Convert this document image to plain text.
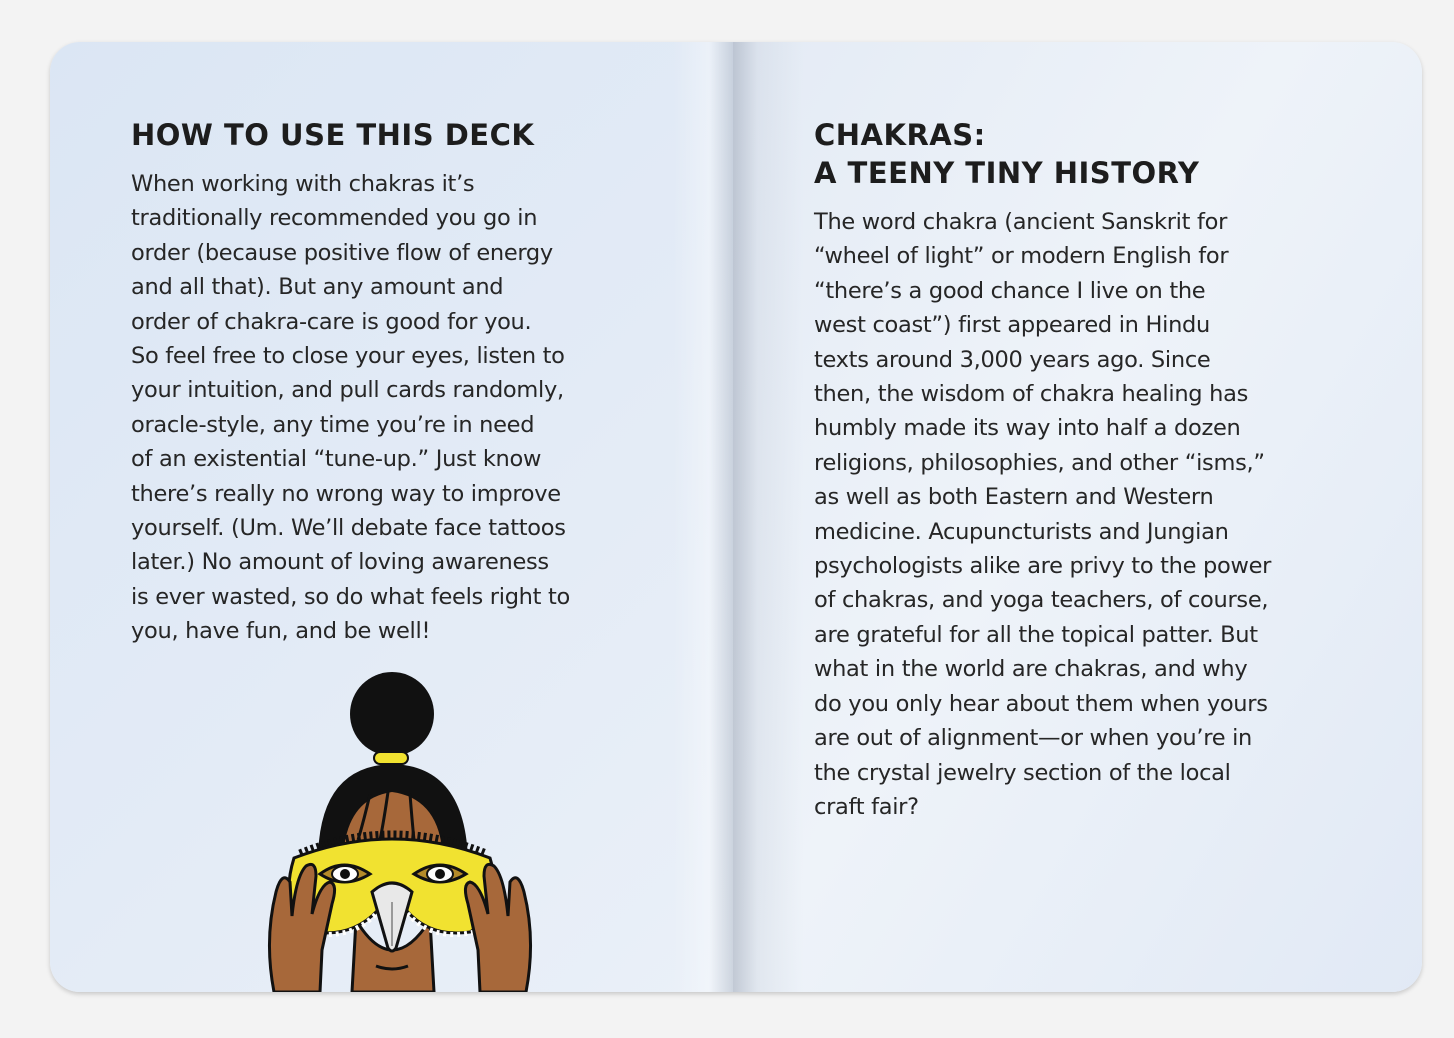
HOW TO USE THIS DECK

When working with chakras it’s
traditionally recommended you go in
order (because positive flow of energy
and all that). But any amount and
order of chakra-care is good for you.
So feel free to close your eyes, listen to
your intuition, and pull cards randomly,
oracle-style, any time you’re in need
of an existential “tune-up.” Just know
there’s really no wrong way to improve
yourself. (Um. We’ll debate face tattoos
later.) No amount of loving awareness
is ever wasted, so do what feels right to
you, have fun, and be well!

CHAKRAS:
A TEENY TINY HISTORY

The word chakra (ancient Sanskrit for
“wheel of light” or modern English for
“there’s a good chance I live on the
west coast”) first appeared in Hindu
texts around 3,000 years ago. Since
then, the wisdom of chakra healing has
humbly made its way into half a dozen
religions, philosophies, and other “isms,”
as well as both Eastern and Western
medicine. Acupuncturists and Jungian
psychologists alike are privy to the power
of chakras, and yoga teachers, of course,
are grateful for all the topical patter. But
what in the world are chakras, and why
do you only hear about them when yours
are out of alignment—or when you’re in
the crystal jewelry section of the local
craft fair?
